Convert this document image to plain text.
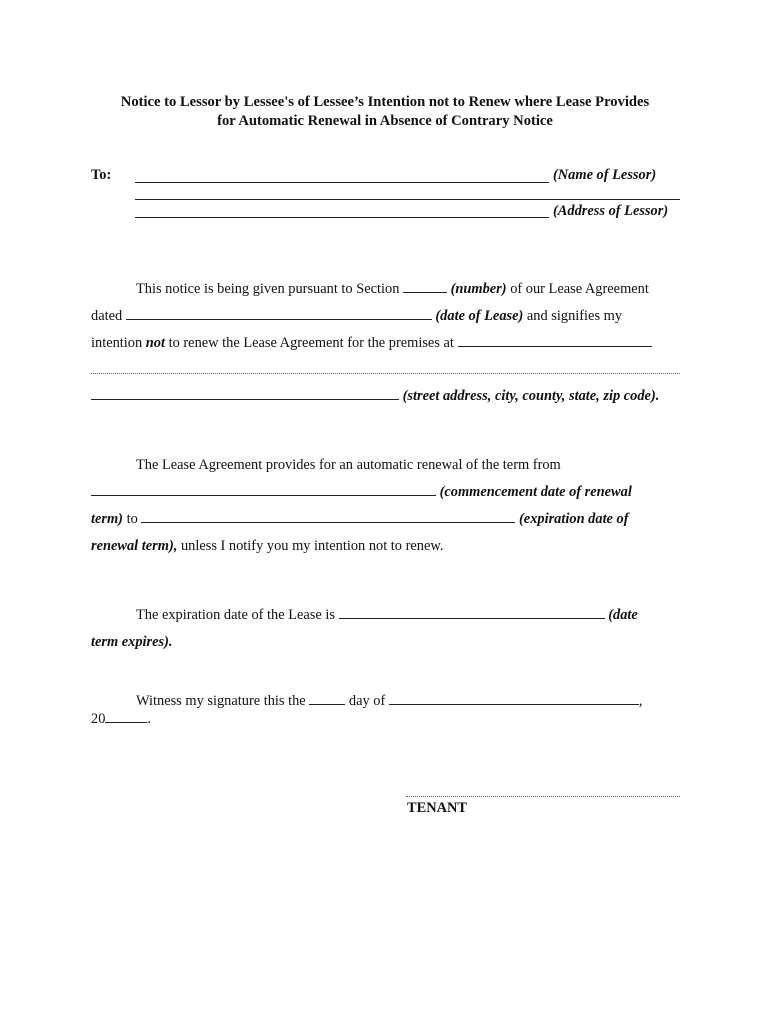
Notice to Lessor by Lessee's of Lessee’s Intention not to Renew where Lease Provides
for Automatic Renewal in Absence of Contrary Notice
To:	(Name of Lessor)
(Address of Lessor)
This notice is being given pursuant to Section	(number) of our Lease Agreement
dated	(date of Lease) and signifies my
intention not to renew the Lease Agreement for the premises at
(street address, city, county, state, zip code).
The Lease Agreement provides for an automatic renewal of the term from
(commencement date of renewal
term) to	(expiration date of
renewal term), unless I notify you my intention not to renew.
The expiration date of the Lease is	(date
term expires).
Witness my signature this the	day of	,
20	.
TENANT
